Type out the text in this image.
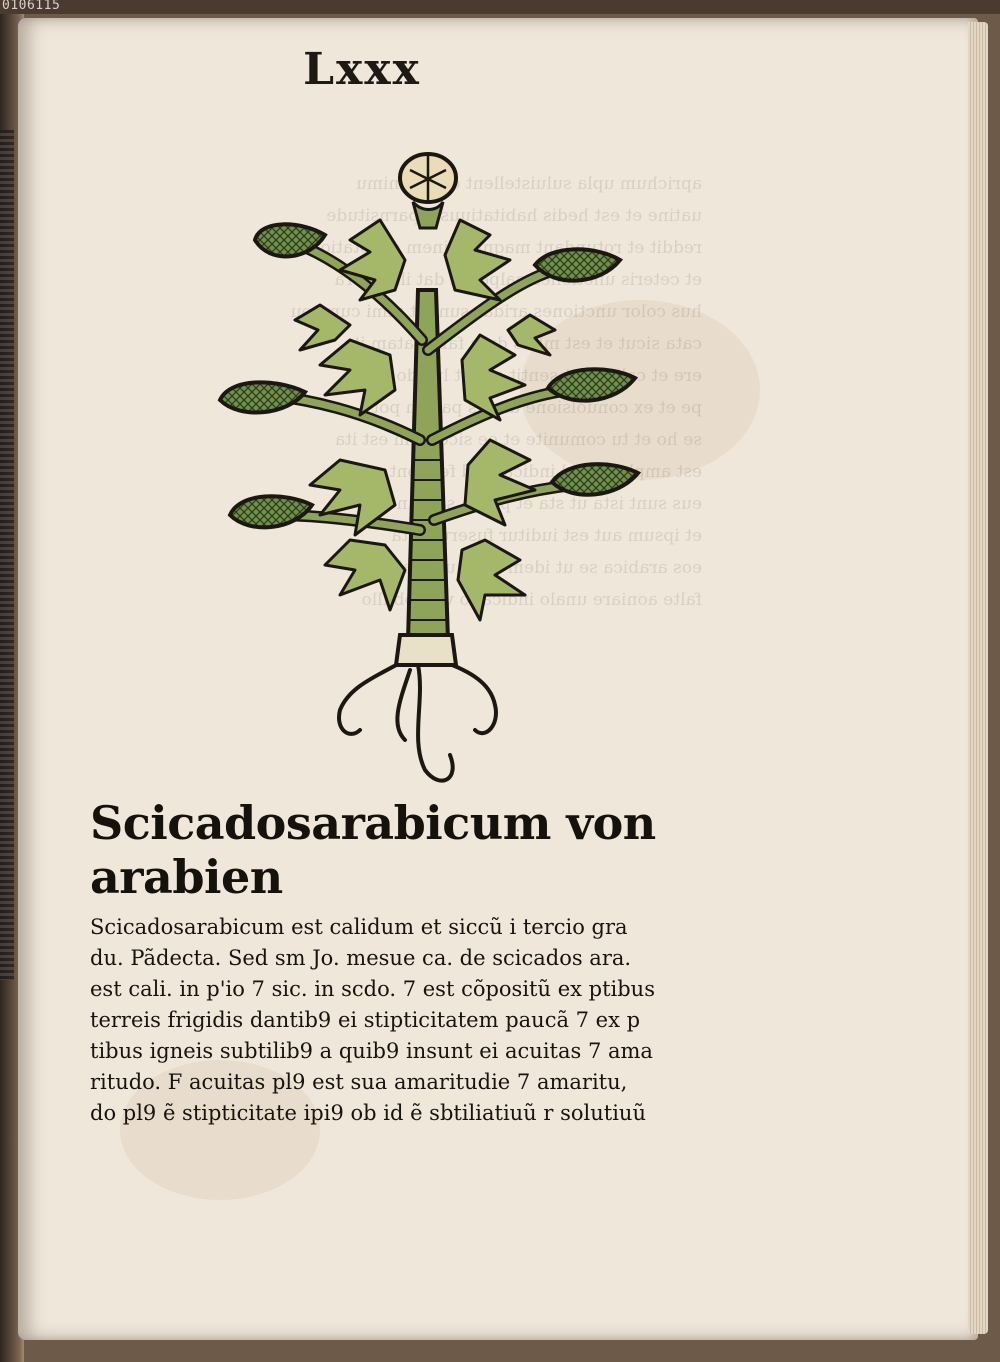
0106115

Lxxx
Scicadosarabicum von
arabien
Scicadosarabicum est calidum et siccũ i tercio gra
du. Pãdecta. Sed sm Jo. mesue ca. de scicados ara.
est cali. in p'io 7 sic. in scdo. 7 est cõpositũ ex ptibus
terreis frigidis dantib9 ei stipticitatem paucã 7 ex p
tibus igneis subtilib9 a quib9 insunt ei acuitas 7 ama
ritudo. F acuitas pl9 est sua amaritudie 7 amaritu,
do pl9 ẽ stipticitate ipi9 ob id ẽ sbtiliatiuũ r solutiuũ
